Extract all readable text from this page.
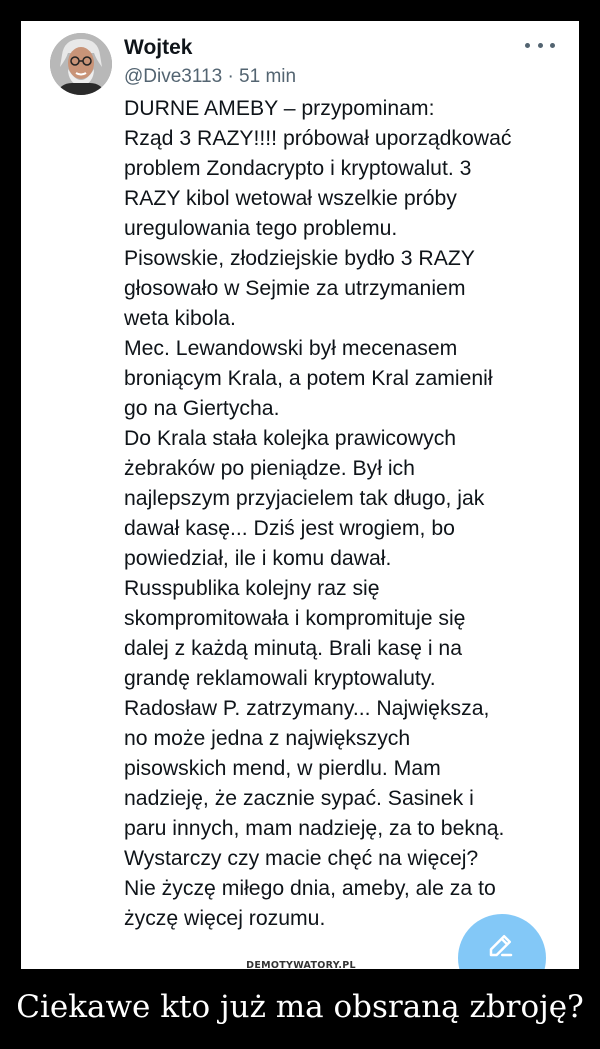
Wojtek
@Dive3113 · 51 min
DURNE AMEBY – przypominam:
Rząd 3 RAZY!!!! próbował uporządkować
problem Zondacrypto i kryptowalut. 3
RAZY kibol wetował wszelkie próby
uregulowania tego problemu.
Pisowskie, złodziejskie bydło 3 RAZY
głosowało w Sejmie za utrzymaniem
weta kibola.
Mec. Lewandowski był mecenasem
broniącym Krala, a potem Kral zamienił
go na Giertycha.
Do Krala stała kolejka prawicowych
żebraków po pieniądze. Był ich
najlepszym przyjacielem tak długo, jak
dawał kasę... Dziś jest wrogiem, bo
powiedział, ile i komu dawał.
Russpublika kolejny raz się
skompromitowała i kompromituje się
dalej z każdą minutą. Brali kasę i na
grandę reklamowali kryptowaluty.
Radosław P. zatrzymany... Największa,
no może jedna z największych
pisowskich mend, w pierdlu. Mam
nadzieję, że zacznie sypać. Sasinek i
paru innych, mam nadzieję, za to bekną.
Wystarczy czy macie chęć na więcej?
Nie życzę miłego dnia, ameby, ale za to
życzę więcej rozumu.
DEMOTYWATORY.PL
Ciekawe kto już ma obsraną zbroję?
